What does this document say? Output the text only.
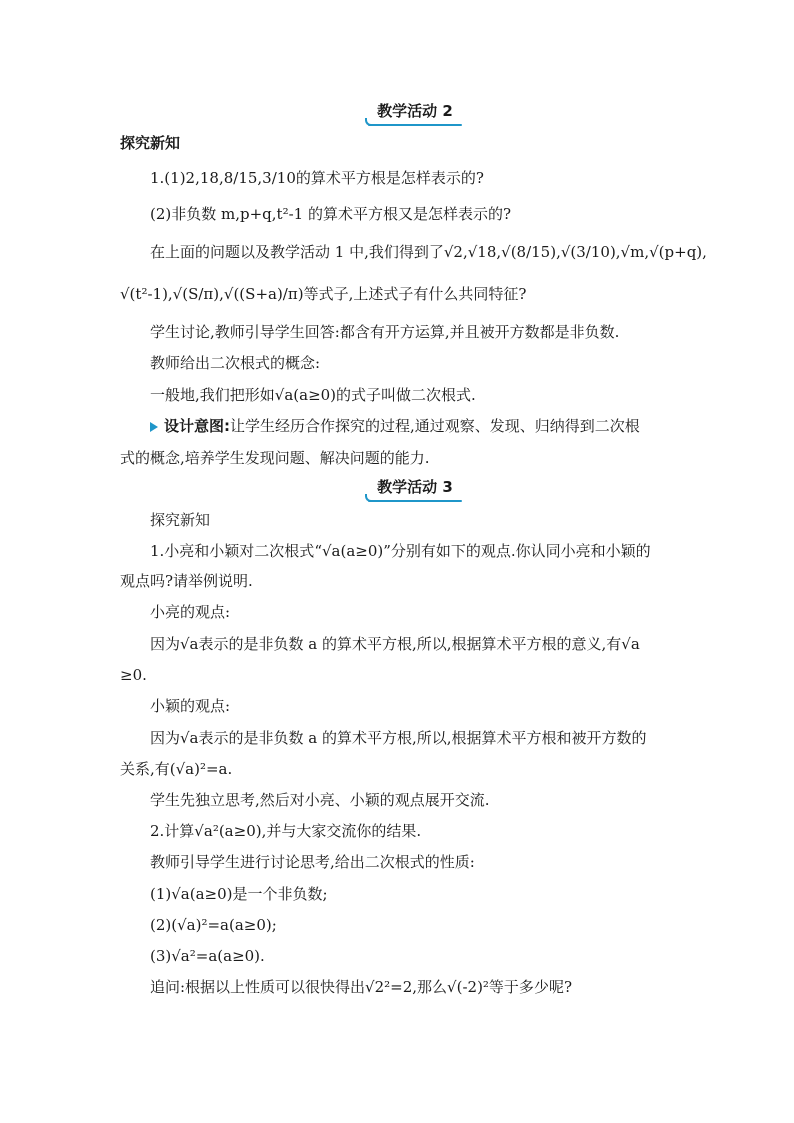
教学活动 2
探究新知
1.(1)2,18,8/15,3/10的算术平方根是怎样表示的?
(2)非负数 m,p+q,t²-1 的算术平方根又是怎样表示的?
在上面的问题以及教学活动 1 中,我们得到了√2,√18,√(8/15),√(3/10),√m,√(p+q),
√(t²-1),√(S/π),√((S+a)/π)等式子,上述式子有什么共同特征?
学生讨论,教师引导学生回答:都含有开方运算,并且被开方数都是非负数.
教师给出二次根式的概念:
一般地,我们把形如√a(a≥0)的式子叫做二次根式.
设计意图:让学生经历合作探究的过程,通过观察、发现、归纳得到二次根
式的概念,培养学生发现问题、解决问题的能力.
教学活动 3
探究新知
1.小亮和小颖对二次根式“√a(a≥0)”分别有如下的观点.你认同小亮和小颖的
观点吗?请举例说明.
小亮的观点:
因为√a表示的是非负数 a 的算术平方根,所以,根据算术平方根的意义,有√a
≥0.
小颖的观点:
因为√a表示的是非负数 a 的算术平方根,所以,根据算术平方根和被开方数的
关系,有(√a)²=a.
学生先独立思考,然后对小亮、小颖的观点展开交流.
2.计算√a²(a≥0),并与大家交流你的结果.
教师引导学生进行讨论思考,给出二次根式的性质:
(1)√a(a≥0)是一个非负数;
(2)(√a)²=a(a≥0);
(3)√a²=a(a≥0).
追问:根据以上性质可以很快得出√2²=2,那么√(-2)²等于多少呢?
